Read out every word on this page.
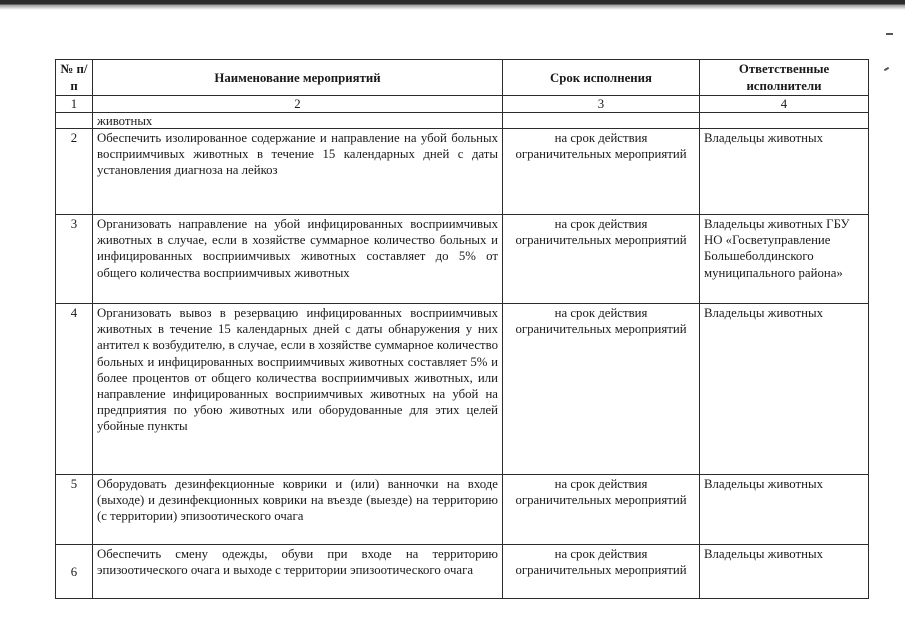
№ п/п	Наименование мероприятий	Срок исполнения	Ответственные исполнители
1	2	3	4
	животных		
2	Обеспечить изолированное содержание и направление на убой больных восприимчивых животных в течение 15 календарных дней с даты установления диагноза на лейкоз	на срок действия ограничительных мероприятий	Владельцы животных
3	Организовать направление на убой инфицированных восприимчивых животных в случае, если в хозяйстве суммарное количество больных и инфицированных восприимчивых животных составляет до 5% от общего количества восприимчивых животных	на срок действия ограничительных мероприятий	Владельцы животных ГБУ НО «Госветуправление Большеболдинского муниципального района»
4	Организовать вывоз в резервацию инфицированных восприимчивых животных в течение 15 календарных дней с даты обнаружения у них антител к возбудителю, в случае, если в хозяйстве суммарное количество больных и инфицированных восприимчивых животных составляет 5% и более процентов от общего количества восприимчивых животных, или направление инфицированных восприимчивых животных на убой на предприятия по убою животных или оборудованные для этих целей убойные пункты	на срок действия ограничительных мероприятий	Владельцы животных
5	Оборудовать дезинфекционные коврики и (или) ванночки на входе (выходе) и дезинфекционных коврики на въезде (выезде) на территорию (с территории) эпизоотического очага	на срок действия ограничительных мероприятий	Владельцы животных
6	Обеспечить смену одежды, обуви при входе на территорию эпизоотического очага и выходе с территории эпизоотического очага	на срок действия ограничительных мероприятий	Владельцы животных
